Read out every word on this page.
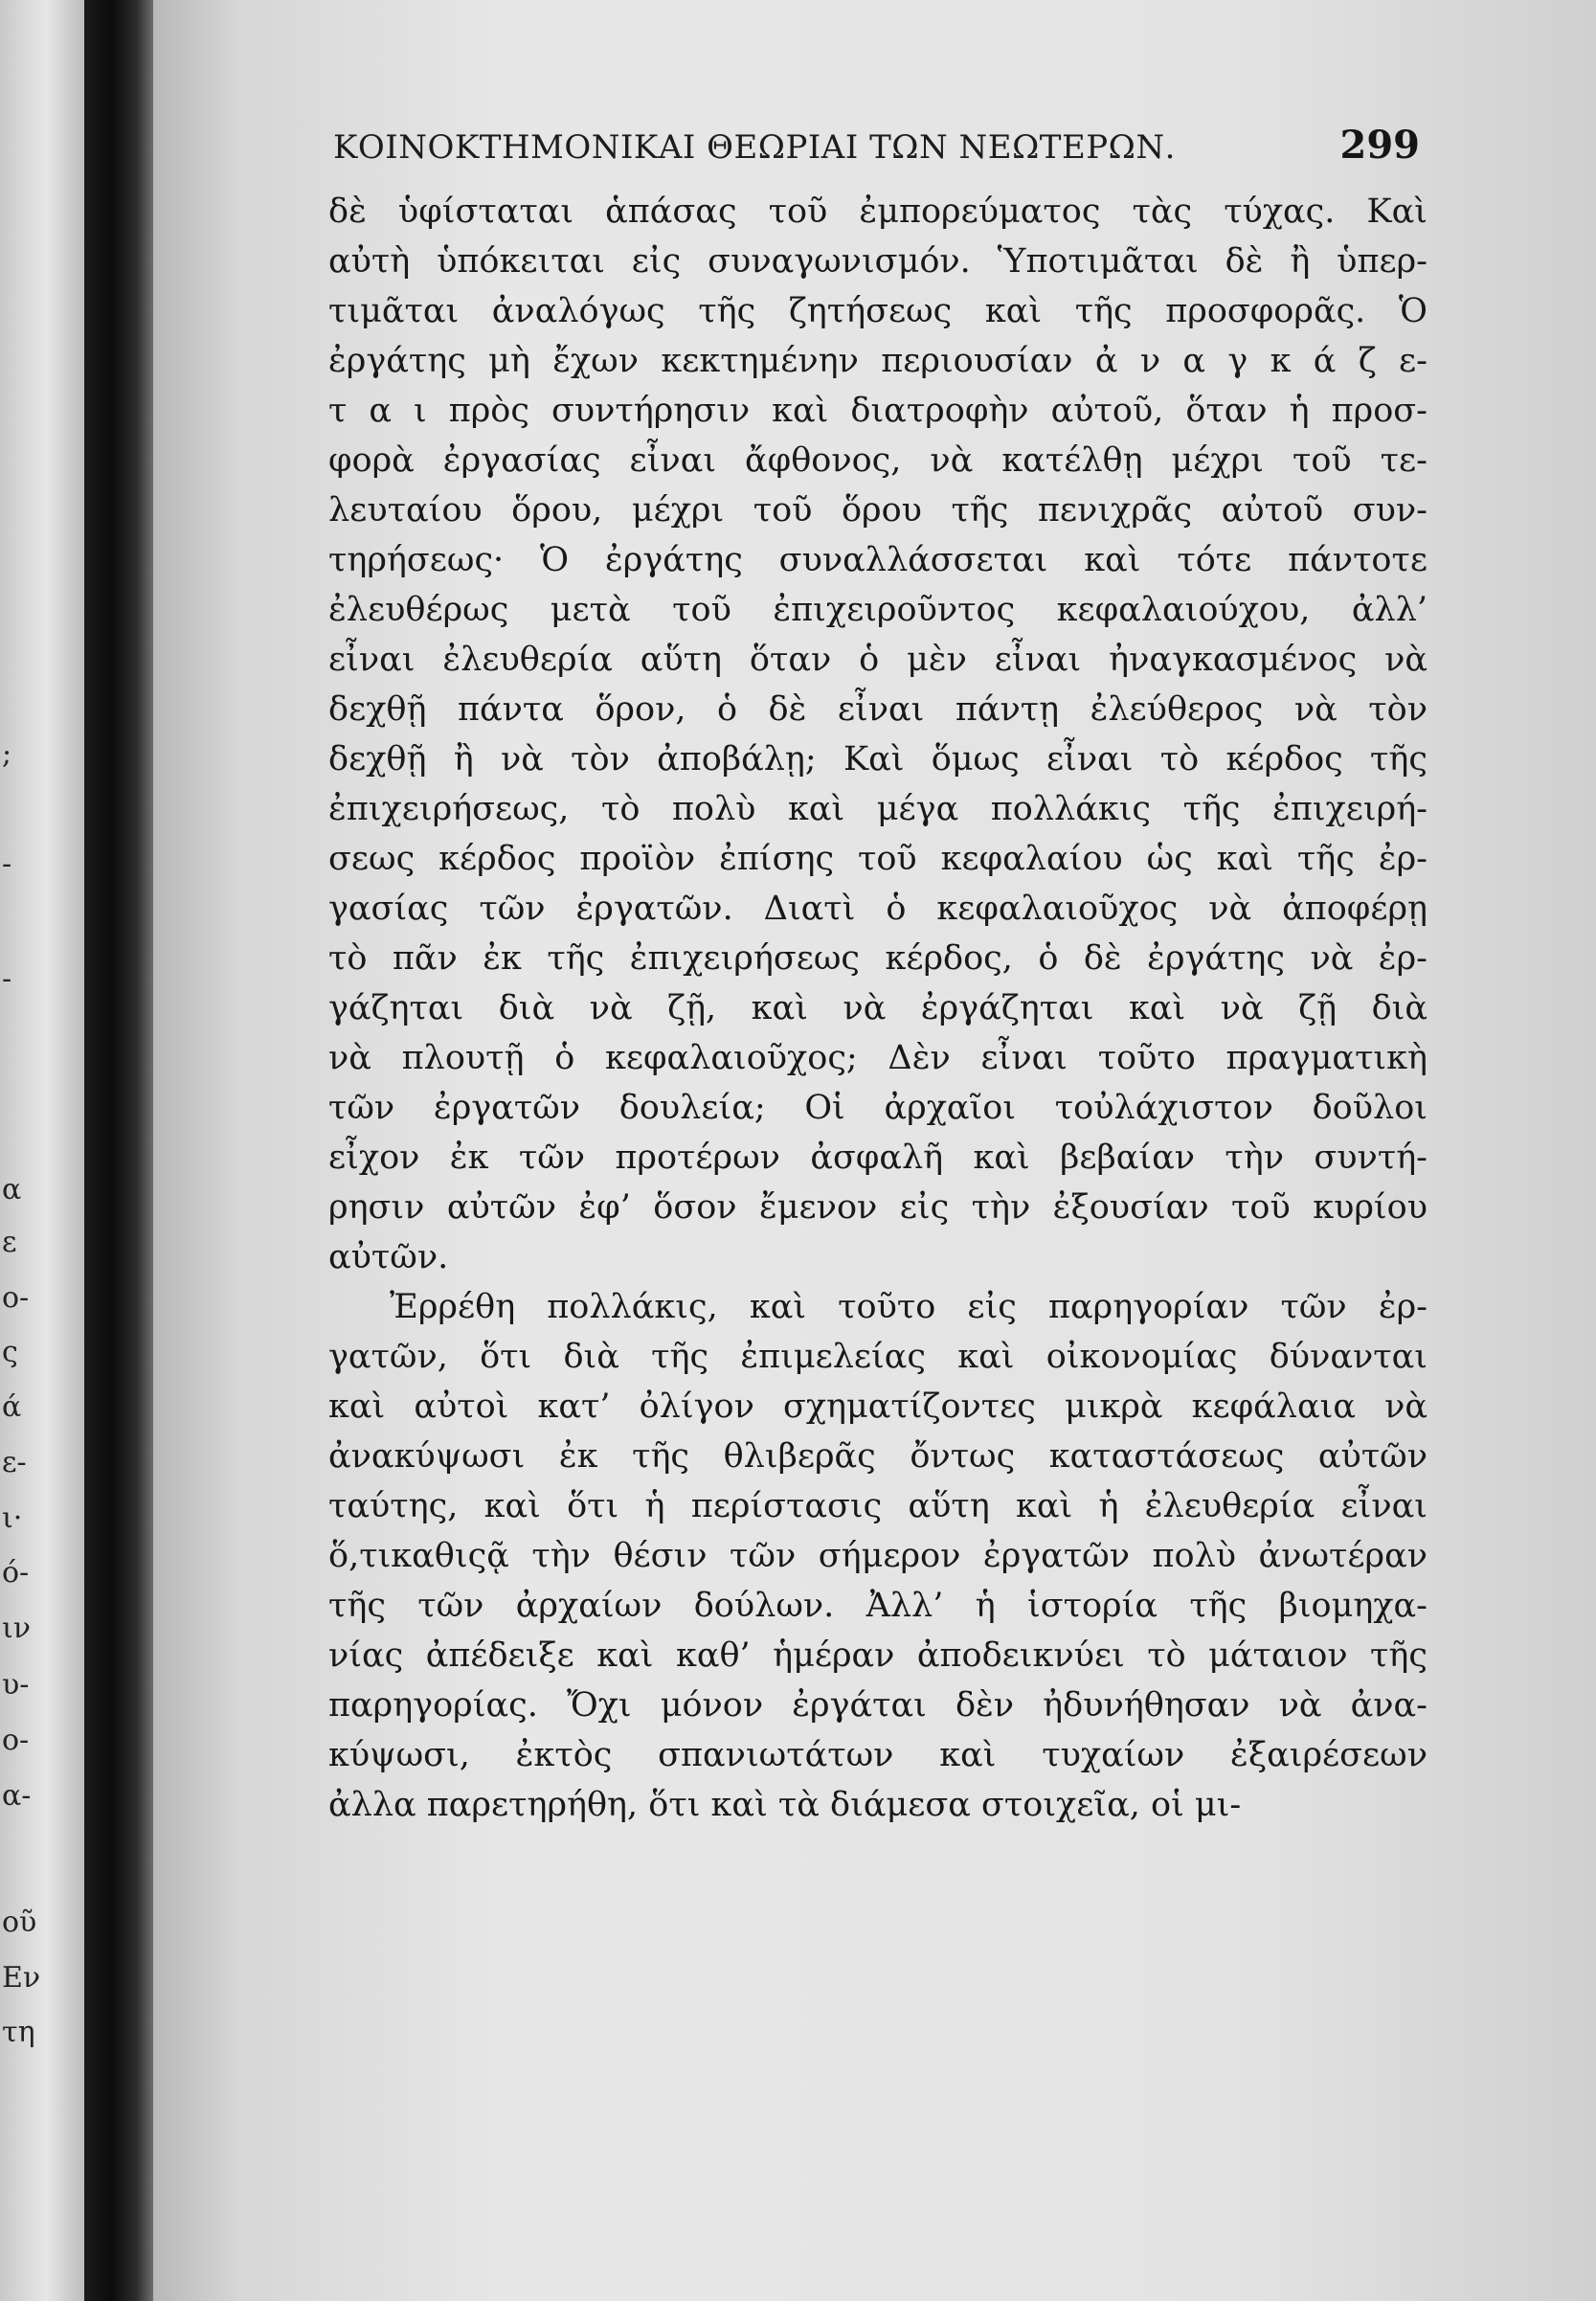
;
-
-
α
ε
ο-
ς
ά
ε-
ι·
ό-
ιν
υ-
ο-
α-
οῦ
Εν
τη
ΚΟΙΝΟΚΤΗΜΟΝΙΚΑΙ ΘΕΩΡΙΑΙ ΤΩΝ ΝΕΩΤΕΡΩΝ.	299
δὲ ὑφίσταται ἁπάσας τοῦ ἐμπορεύματος τὰς τύχας. Καὶ
αὐτὴ ὑπόκειται εἰς συναγωνισμόν. Ὑποτιμᾶται δὲ ἢ ὑπερ-
τιμᾶται ἀναλόγως τῆς ζητήσεως καὶ τῆς προσφορᾶς. Ὁ
ἐργάτης μὴ ἔχων κεκτημένην περιουσίαν ἀ ν α γ κ ά ζ ε-
τ α ι πρὸς συντήρησιν καὶ διατροφὴν αὐτοῦ, ὅταν ἡ προσ-
φορὰ ἐργασίας εἶναι ἄφθονος, νὰ κατέλθῃ μέχρι τοῦ τε-
λευταίου ὅρου, μέχρι τοῦ ὅρου τῆς πενιχρᾶς αὐτοῦ συν-
τηρήσεως· Ὁ ἐργάτης συναλλάσσεται καὶ τότε πάντοτε
ἐλευθέρως μετὰ τοῦ ἐπιχειροῦντος κεφαλαιούχου, ἀλλ’
εἶναι ἐλευθερία αὕτη ὅταν ὁ μὲν εἶναι ἠναγκασμένος νὰ
δεχθῇ πάντα ὅρον, ὁ δὲ εἶναι πάντῃ ἐλεύθερος νὰ τὸν
δεχθῇ ἢ νὰ τὸν ἀποβάλῃ; Καὶ ὅμως εἶναι τὸ κέρδος τῆς
ἐπιχειρήσεως, τὸ πολὺ καὶ μέγα πολλάκις τῆς ἐπιχειρή-
σεως κέρδος προϊὸν ἐπίσης τοῦ κεφαλαίου ὡς καὶ τῆς ἐρ-
γασίας τῶν ἐργατῶν. Διατὶ ὁ κεφαλαιοῦχος νὰ ἀποφέρῃ
τὸ πᾶν ἐκ τῆς ἐπιχειρήσεως κέρδος, ὁ δὲ ἐργάτης νὰ ἐρ-
γάζηται διὰ νὰ ζῇ, καὶ νὰ ἐργάζηται καὶ νὰ ζῇ διὰ
νὰ πλουτῇ ὁ κεφαλαιοῦχος; Δὲν εἶναι τοῦτο πραγματικὴ
τῶν ἐργατῶν δουλεία; Οἱ ἀρχαῖοι τοὐλάχιστον δοῦλοι
εἶχον ἐκ τῶν προτέρων ἀσφαλῆ καὶ βεβαίαν τὴν συντή-
ρησιν αὐτῶν ἐφ’ ὅσον ἔμενον εἰς τὴν ἐξουσίαν τοῦ κυρίου
αὐτῶν.
Ἐρρέθη πολλάκις, καὶ τοῦτο εἰς παρηγορίαν τῶν ἐρ-
γατῶν, ὅτι διὰ τῆς ἐπιμελείας καὶ οἰκονομίας δύνανται
καὶ αὐτοὶ κατ’ ὀλίγον σχηματίζοντες μικρὰ κεφάλαια νὰ
ἀνακύψωσι ἐκ τῆς θλιβερᾶς ὄντως καταστάσεως αὐτῶν
ταύτης, καὶ ὅτι ἡ περίστασις αὕτη καὶ ἡ ἐλευθερία εἶναι
ὅ,τικαθιςᾷ τὴν θέσιν τῶν σήμερον ἐργατῶν πολὺ ἀνωτέραν
τῆς τῶν ἀρχαίων δούλων. Ἀλλ’ ἡ ἱστορία τῆς βιομηχα-
νίας ἀπέδειξε καὶ καθ’ ἡμέραν ἀποδεικνύει τὸ μάταιον τῆς
παρηγορίας. Ὄχι μόνον ἐργάται δὲν ἠδυνήθησαν νὰ ἀνα-
κύψωσι, ἐκτὸς σπανιωτάτων καὶ τυχαίων ἐξαιρέσεων
ἀλλα παρετηρήθη, ὅτι καὶ τὰ διάμεσα στοιχεῖα, οἱ μι-
